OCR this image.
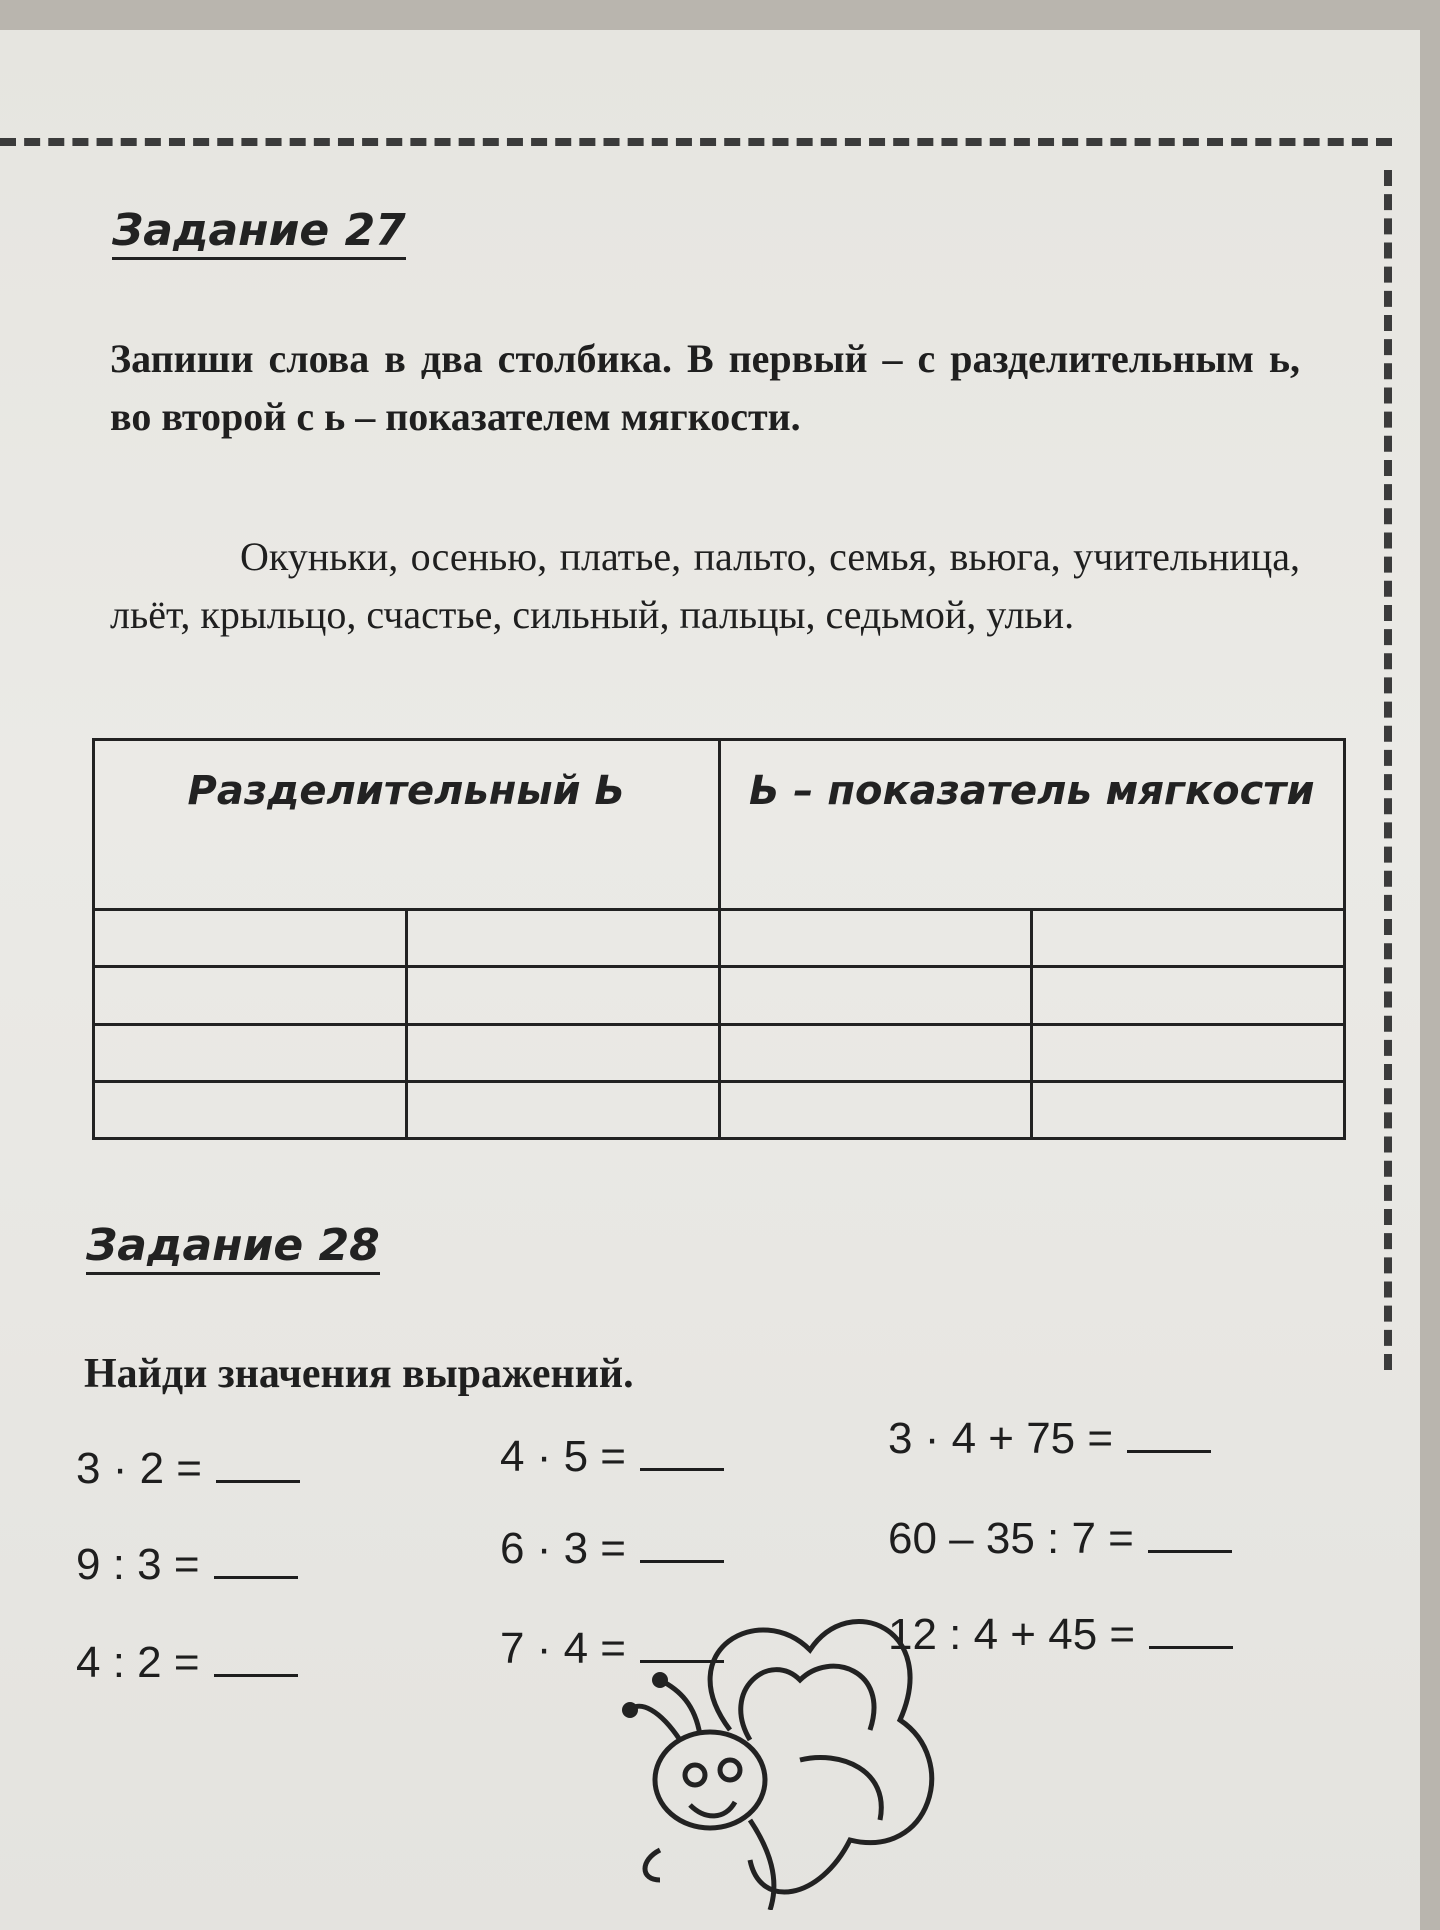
Задание 27
Запиши слова в два столбика. В первый – с разделительным ь, во второй с ь – показателем мягкости.
Окуньки, осенью, платье, пальто, семья, вьюга, учительница, льёт, крыльцо, счастье, сильный, пальцы, седьмой, ульи.
Разделительный Ь		Ь – показатель мягкости	

Задание 28
Найди значения выражений.
3 · 2 =
9 : 3 =
4 : 2 =
4 · 5 =
6 · 3 =
7 · 4 =
3 · 4 + 75 =
60 – 35 : 7 =
12 : 4 + 45 =
